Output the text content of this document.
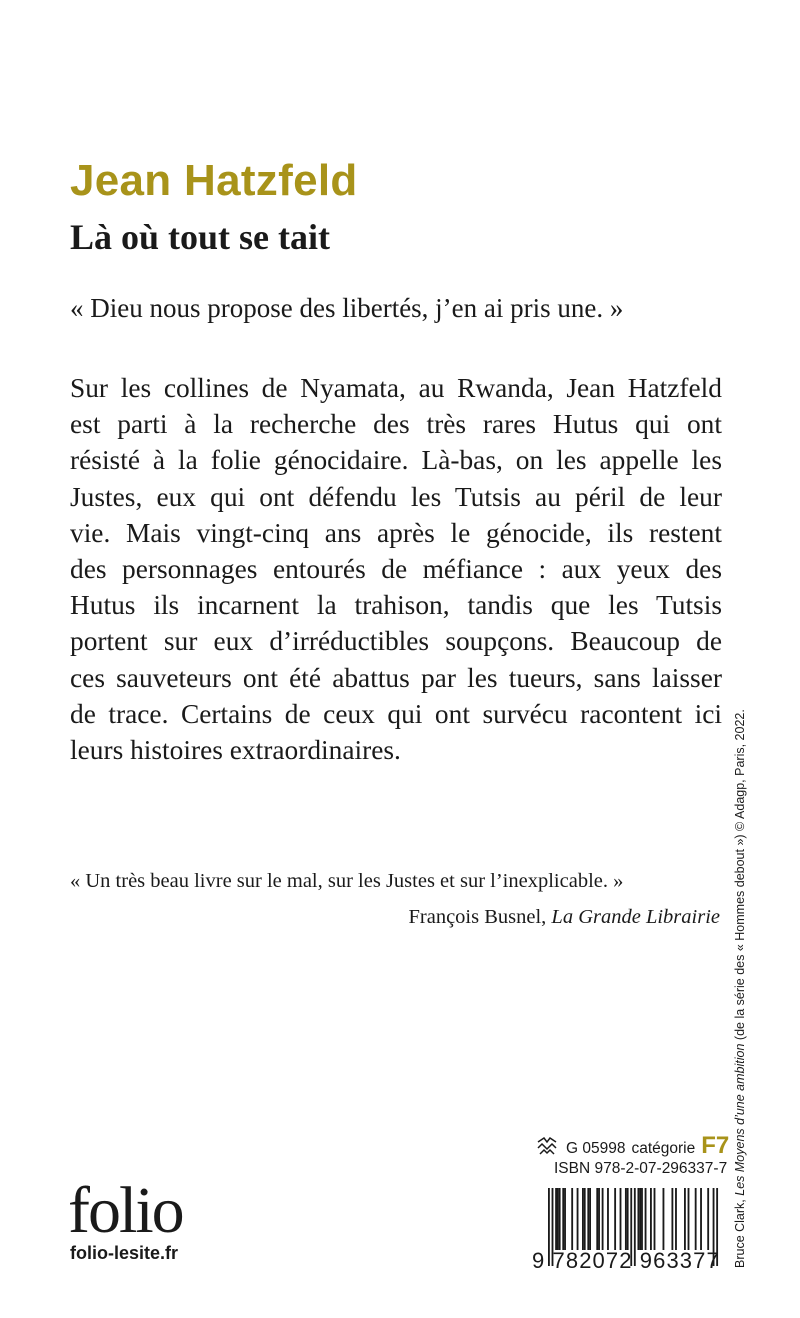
Jean Hatzfeld
Là où tout se tait

« Dieu nous propose des libertés, j’en ai pris une. »

Sur les collines de Nyamata, au Rwanda, Jean Hatzfeld
est parti à la recherche des très rares Hutus qui ont
résisté à la folie génocidaire. Là-bas, on les appelle les
Justes, eux qui ont défendu les Tutsis au péril de leur
vie. Mais vingt-cinq ans après le génocide, ils restent
des personnages entourés de méfiance : aux yeux des
Hutus ils incarnent la trahison, tandis que les Tutsis
portent sur eux d’irréductibles soupçons. Beaucoup de
ces sauveteurs ont été abattus par les tueurs, sans laisser
de trace. Certains de ceux qui ont survécu racontent ici
leurs histoires extraordinaires.

« Un très beau livre sur le mal, sur les Justes et sur l’inexplicable. »

François Busnel, La Grande Librairie

Bruce Clark, Les Moyens d’une ambition (de la série des « Hommes debout ») © Adagp, Paris, 2022.
folio
folio-lesite.fr
G 05998 catégorie F7
ISBN 978-2-07-296337-7
9 782072 963377
